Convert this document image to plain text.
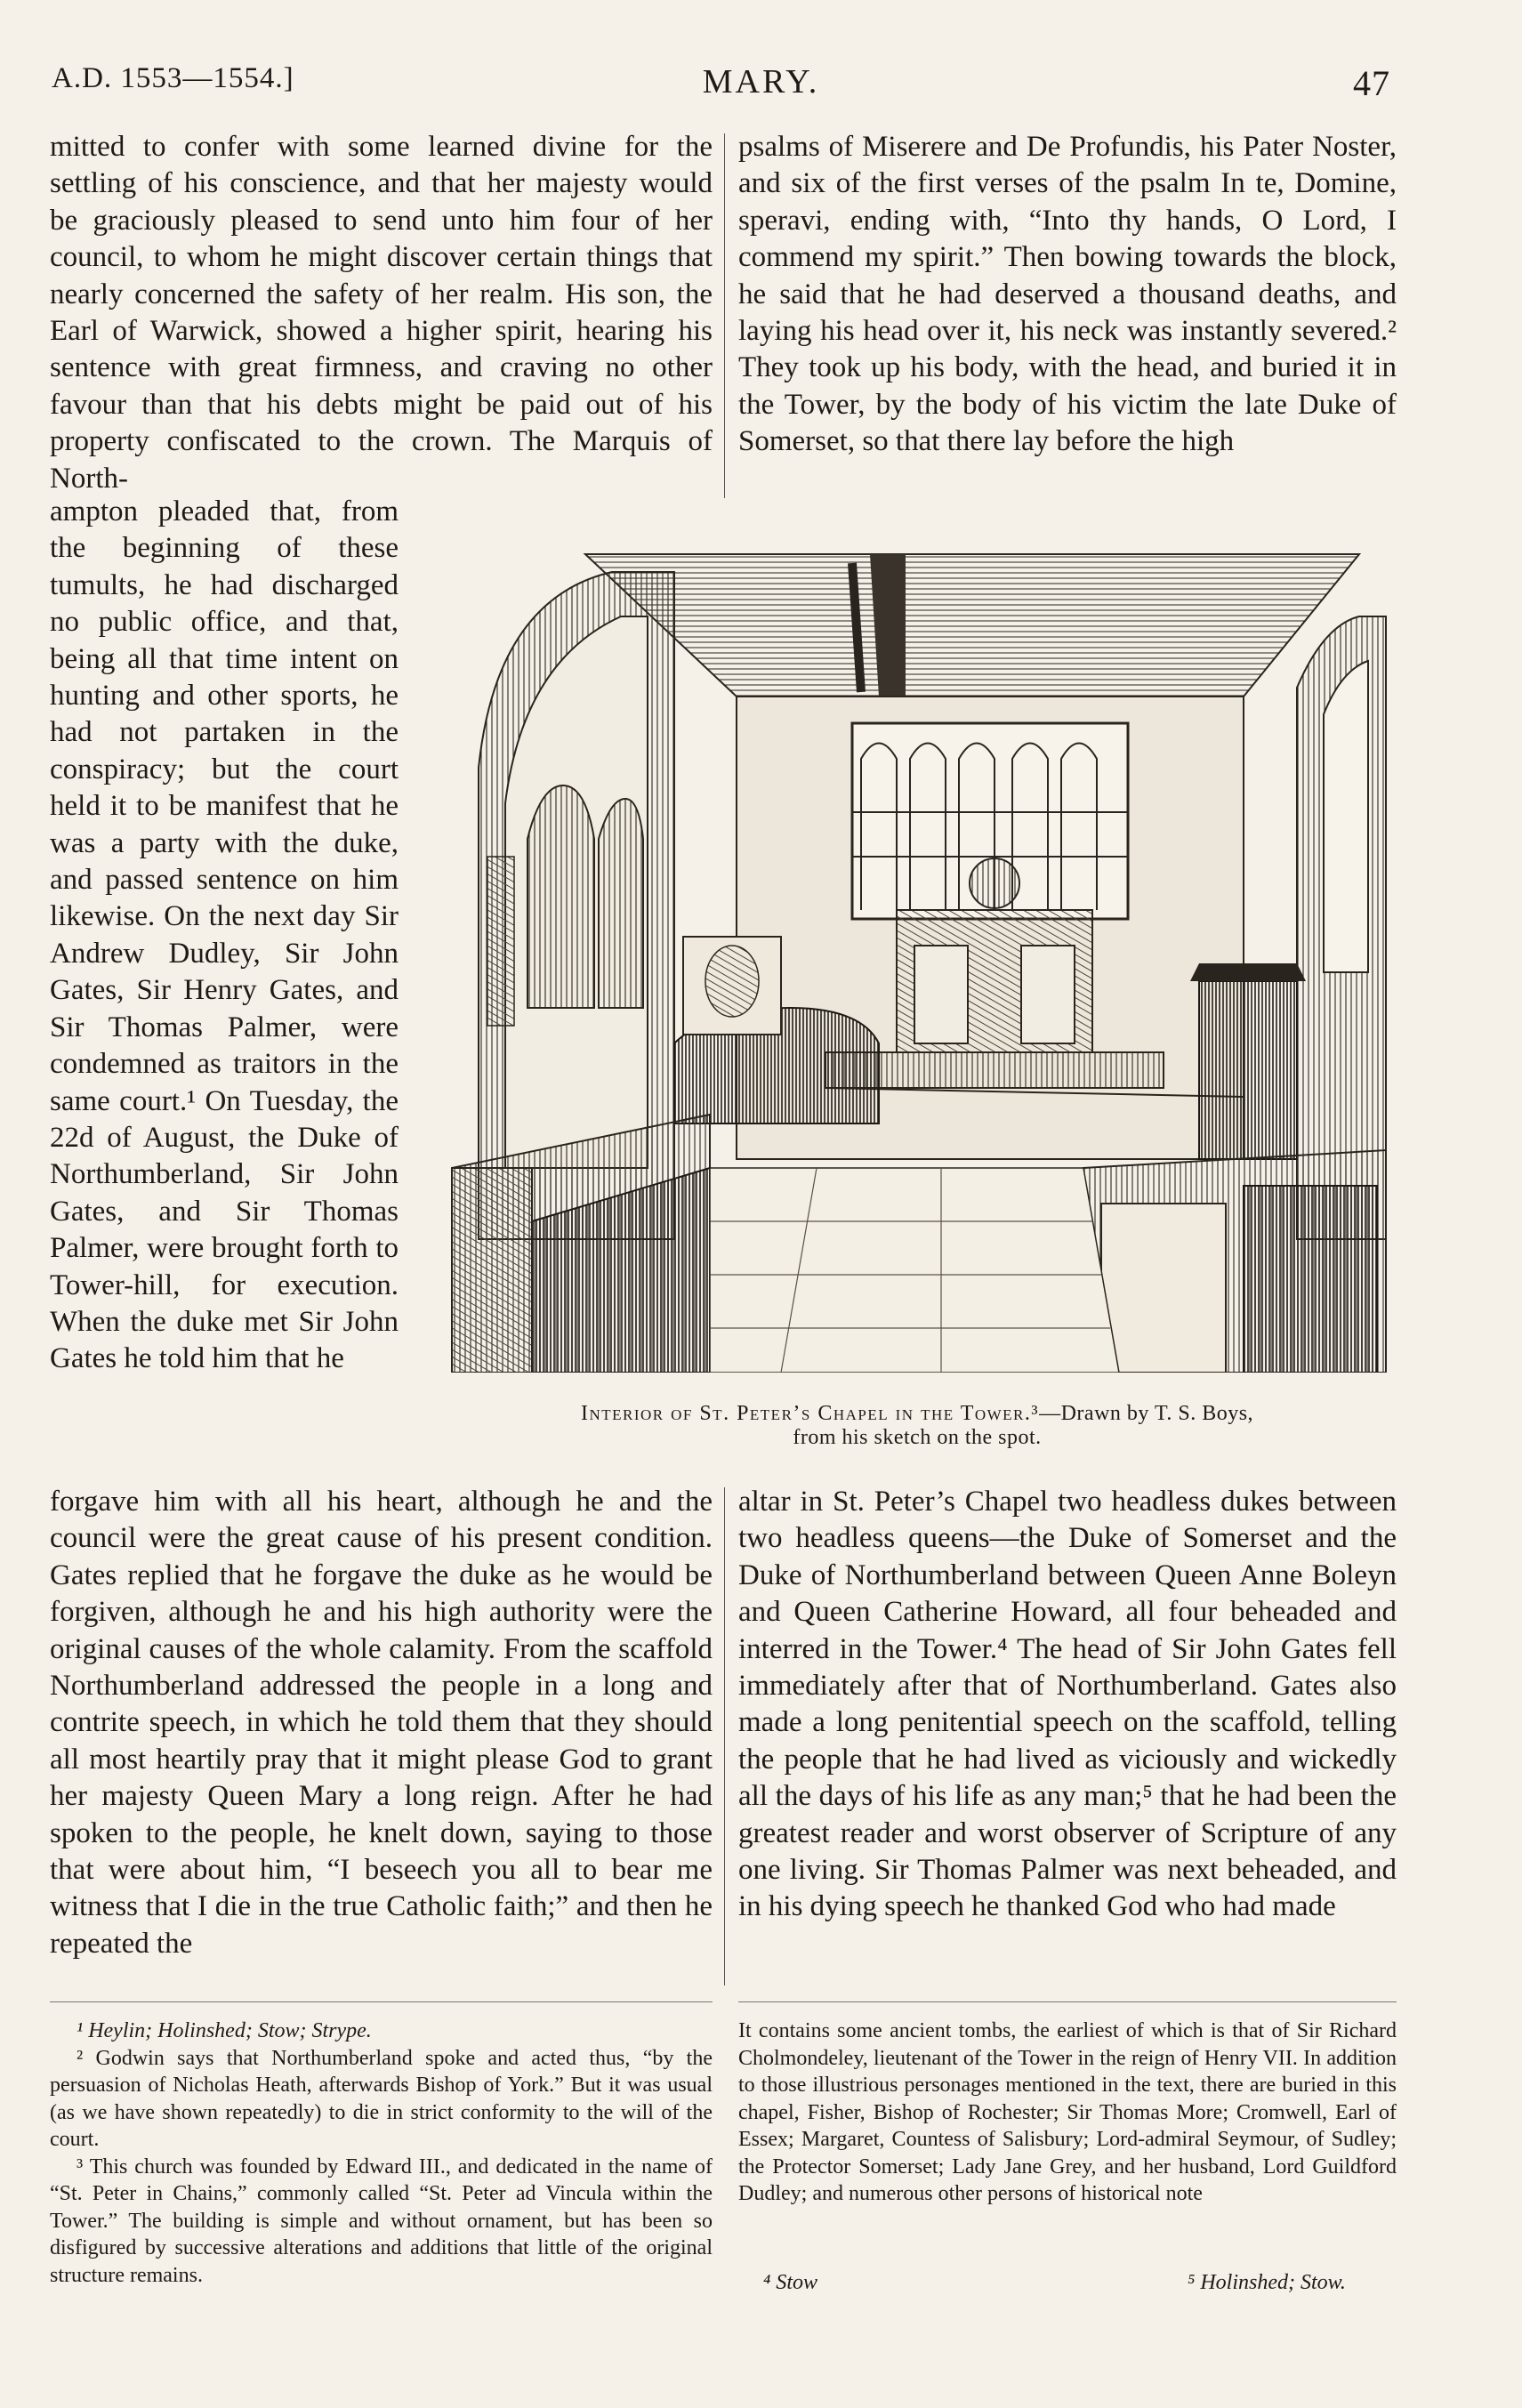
A.D. 1553—1554.]	MARY.	47

mitted to confer with some learned divine for the settling of his conscience, and that her majesty would be graciously pleased to send unto him four of her council, to whom he might discover certain things that nearly concerned the safety of her realm. His son, the Earl of Warwick, showed a higher spirit, hearing his sentence with great firmness, and craving no other favour than that his debts might be paid out of his property confiscated to the crown. The Marquis of North-

psalms of Miserere and De Profundis, his Pater Noster, and six of the first verses of the psalm In te, Domine, speravi, ending with, “Into thy hands, O Lord, I commend my spirit.” Then bowing towards the block, he said that he had deserved a thousand deaths, and laying his head over it, his neck was instantly severed.² They took up his body, with the head, and buried it in the Tower, by the body of his victim the late Duke of Somerset, so that there lay before the high

ampton pleaded that, from the beginning of these tumults, he had discharged no public office, and that, being all that time intent on hunting and other sports, he had not partaken in the conspiracy; but the court held it to be manifest that he was a party with the duke, and passed sentence on him likewise. On the next day Sir Andrew Dudley, Sir John Gates, Sir Henry Gates, and Sir Thomas Palmer, were condemned as traitors in the same court.¹ On Tuesday, the 22d of August, the Duke of Northumberland, Sir John Gates, and Sir Thomas Palmer, were brought forth to Tower-hill, for execution. When the duke met Sir John Gates he told him that he

Interior of St. Peter’s Chapel in the Tower.³—Drawn by T. S. Boys,
from his sketch on the spot.

forgave him with all his heart, although he and the council were the great cause of his present condition. Gates replied that he forgave the duke as he would be forgiven, although he and his high authority were the original causes of the whole calamity. From the scaffold Northumberland addressed the people in a long and contrite speech, in which he told them that they should all most heartily pray that it might please God to grant her majesty Queen Mary a long reign. After he had spoken to the people, he knelt down, saying to those that were about him, “I beseech you all to bear me witness that I die in the true Catholic faith;” and then he repeated the

altar in St. Peter’s Chapel two headless dukes between two headless queens—the Duke of Somerset and the Duke of Northumberland between Queen Anne Boleyn and Queen Catherine Howard, all four beheaded and interred in the Tower.⁴ The head of Sir John Gates fell immediately after that of Northumberland. Gates also made a long penitential speech on the scaffold, telling the people that he had lived as viciously and wickedly all the days of his life as any man;⁵ that he had been the greatest reader and worst observer of Scripture of any one living. Sir Thomas Palmer was next beheaded, and in his dying speech he thanked God who had made

¹ Heylin; Holinshed; Stow; Strype.

² Godwin says that Northumberland spoke and acted thus, “by the persuasion of Nicholas Heath, afterwards Bishop of York.” But it was usual (as we have shown repeatedly) to die in strict conformity to the will of the court.

³ This church was founded by Edward III., and dedicated in the name of “St. Peter in Chains,” commonly called “St. Peter ad Vincula within the Tower.” The building is simple and without ornament, but has been so disfigured by successive alterations and additions that little of the original structure remains.

It contains some ancient tombs, the earliest of which is that of Sir Richard Cholmondeley, lieutenant of the Tower in the reign of Henry VII. In addition to those illustrious personages mentioned in the text, there are buried in this chapel, Fisher, Bishop of Rochester; Sir Thomas More; Cromwell, Earl of Essex; Margaret, Countess of Salisbury; Lord-admiral Seymour, of Sudley; the Protector Somerset; Lady Jane Grey, and her husband, Lord Guildford Dudley; and numerous other persons of historical note

⁴ Stow	⁵ Holinshed; Stow.
